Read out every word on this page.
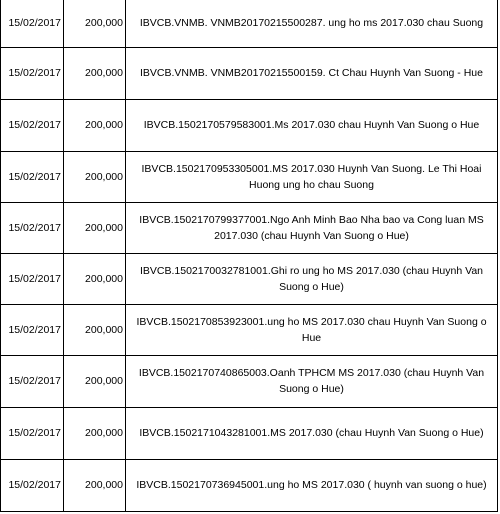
15/02/2017	200,000	IBVCB.VNMB. VNMB20170215500287. ung ho ms 2017.030 chau Suong
15/02/2017	200,000	IBVCB.VNMB. VNMB20170215500159. Ct Chau Huynh Van Suong - Hue
15/02/2017	200,000	IBVCB.1502170579583001.Ms 2017.030 chau Huynh Van Suong o Hue
15/02/2017	200,000	IBVCB.1502170953305001.MS 2017.030 Huynh Van Suong. Le Thi Hoai Huong ung ho chau Suong
15/02/2017	200,000	IBVCB.1502170799377001.Ngo Anh Minh Bao Nha bao va Cong luan MS 2017.030 (chau Huynh Van Suong o Hue)
15/02/2017	200,000	IBVCB.1502170032781001.Ghi ro ung ho MS 2017.030 (chau Huynh Van Suong o Hue)
15/02/2017	200,000	IBVCB.1502170853923001.ung ho MS 2017.030 chau Huynh Van Suong o Hue
15/02/2017	200,000	IBVCB.1502170740865003.Oanh TPHCM MS 2017.030 (chau Huynh Van Suong o Hue)
15/02/2017	200,000	IBVCB.1502171043281001.MS 2017.030 (chau Huynh Van Suong o Hue)
15/02/2017	200,000	IBVCB.1502170736945001.ung ho MS 2017.030 ( huynh van suong o hue)
